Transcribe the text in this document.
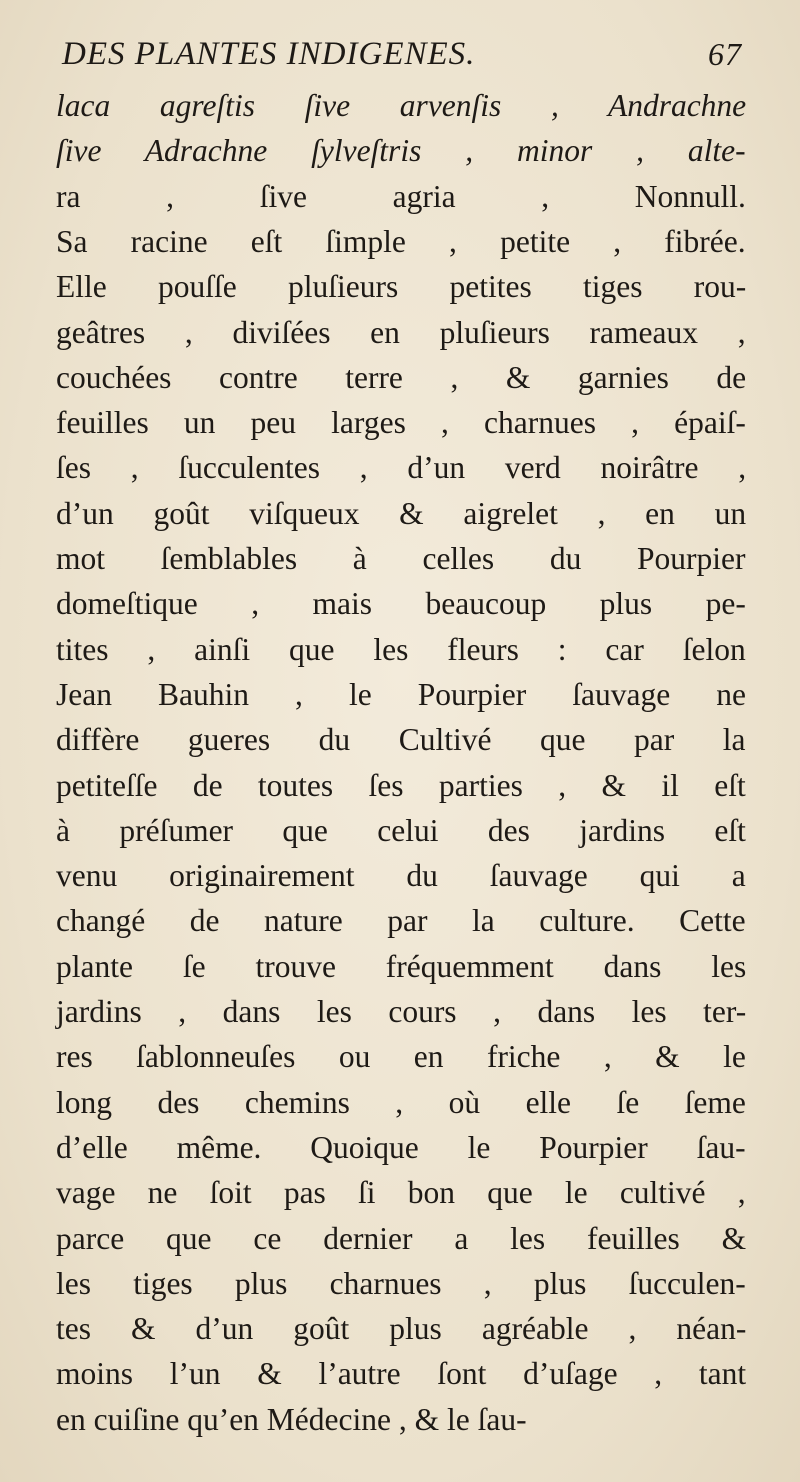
DES PLANTES INDIGENES.	67
laca agreſtis ſive arvenſis , Andrachne
ſive Adrachne ſylveſtris , minor , alte-
ra , ſive agria , Nonnull.
Sa racine eſt ſimple , petite , fibrée.
Elle pouſſe pluſieurs petites tiges rou-
geâtres , diviſées en pluſieurs rameaux ,
couchées contre terre , & garnies de
feuilles un peu larges , charnues , épaiſ-
ſes , ſucculentes , d’un verd noirâtre ,
d’un goût viſqueux & aigrelet , en un
mot ſemblables à celles du Pourpier
domeſtique , mais beaucoup plus pe-
tites , ainſi que les fleurs : car ſelon
Jean Bauhin , le Pourpier ſauvage ne
diffère gueres du Cultivé que par la
petiteſſe de toutes ſes parties , & il eſt
à préſumer que celui des jardins eſt
venu originairement du ſauvage qui a
changé de nature par la culture. Cette
plante ſe trouve fréquemment dans les
jardins , dans les cours , dans les ter-
res ſablonneuſes ou en friche , & le
long des chemins , où elle ſe ſeme
d’elle même. Quoique le Pourpier ſau-
vage ne ſoit pas ſi bon que le cultivé ,
parce que ce dernier a les feuilles &
les tiges plus charnues , plus ſucculen-
tes & d’un goût plus agréable , néan-
moins l’un & l’autre ſont d’uſage , tant
en cuiſine qu’en Médecine , & le ſau-
